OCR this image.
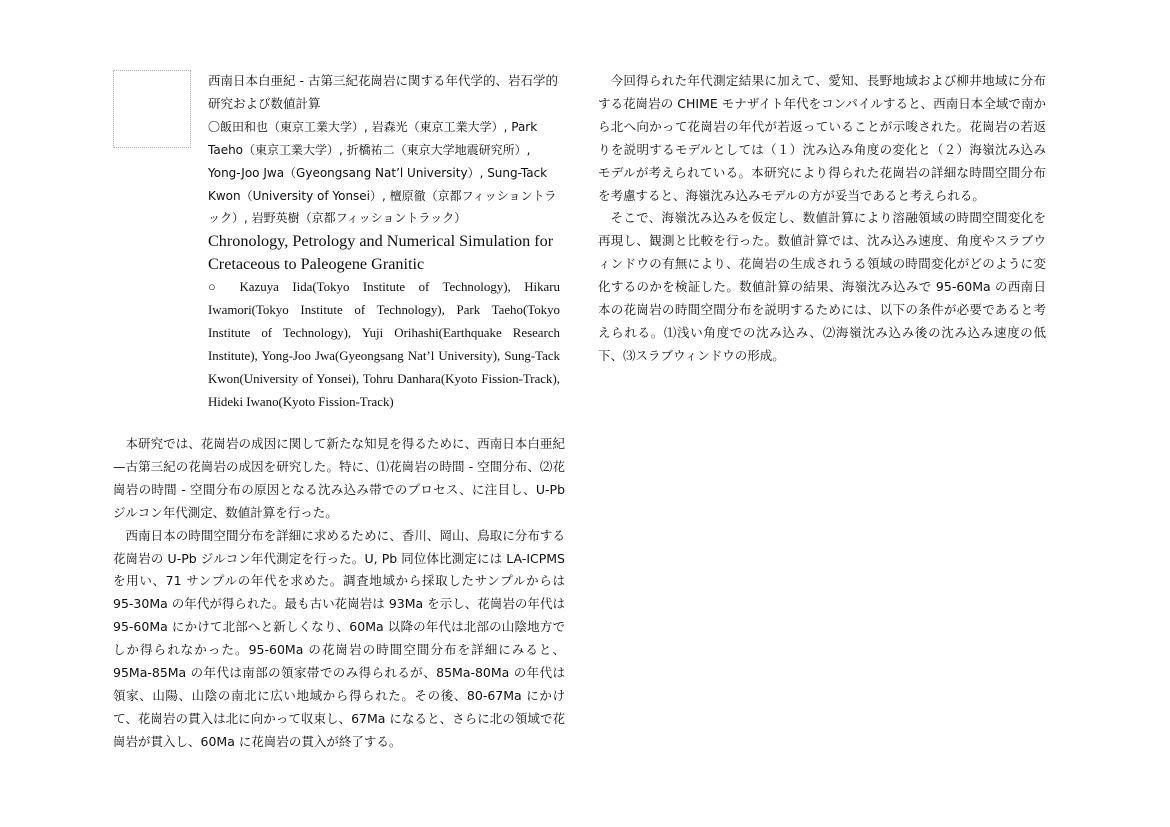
西南日本白亜紀 - 古第三紀花崗岩に関する年代学的、岩石学的研究および数値計算

〇飯田和也（東京工業大学）, 岩森光（東京工業大学）, Park Taeho（東京工業大学）, 折橋祐二（東京大学地震研究所）, Yong-Joo Jwa（Gyeongsang Nat’l University）, Sung-Tack Kwon（University of Yonsei）, 檀原徹（京都フィッショントラック）, 岩野英樹（京都フィッショントラック）

Chronology, Petrology and Numerical Simulation for Cretaceous to Paleogene Granitic

○ Kazuya Iida(Tokyo Institute of Technology), Hikaru Iwamori(Tokyo Institute of Technology), Park Taeho(Tokyo Institute of Technology), Yuji Orihashi(Earthquake Research Institute), Yong-Joo Jwa(Gyeongsang Nat’l University), Sung-Tack Kwon(University of Yonsei), Tohru Danhara(Kyoto Fission-Track), Hideki Iwano(Kyoto Fission-Track)

本研究では、花崗岩の成因に関して新たな知見を得るために、西南日本白亜紀—古第三紀の花崗岩の成因を研究した。特に、⑴花崗岩の時間 - 空間分布、⑵花崗岩の時間 - 空間分布の原因となる沈み込み帯でのプロセス、に注目し、U-Pb ジルコン年代測定、数値計算を行った。

西南日本の時間空間分布を詳細に求めるために、香川、岡山、鳥取に分布する花崗岩の U-Pb ジルコン年代測定を行った。U, Pb 同位体比測定には LA-ICPMS を用い、71 サンプルの年代を求めた。調査地域から採取したサンプルからは 95-30Ma の年代が得られた。最も古い花崗岩は 93Ma を示し、花崗岩の年代は 95-60Ma にかけて北部へと新しくなり、60Ma 以降の年代は北部の山陰地方でしか得られなかった。95-60Ma の花崗岩の時間空間分布を詳細にみると、95Ma-85Ma の年代は南部の領家帯でのみ得られるが、85Ma-80Ma の年代は領家、山陽、山陰の南北に広い地域から得られた。その後、80-67Ma にかけて、花崗岩の貫入は北に向かって収束し、67Ma になると、さらに北の領域で花崗岩が貫入し、60Ma に花崗岩の貫入が終了する。

今回得られた年代測定結果に加えて、愛知、長野地域および柳井地域に分布する花崗岩の CHIME モナザイト年代をコンパイルすると、西南日本全域で南から北へ向かって花崗岩の年代が若返っていることが示唆された。花崗岩の若返りを説明するモデルとしては（１）沈み込み角度の変化と（２）海嶺沈み込みモデルが考えられている。本研究により得られた花崗岩の詳細な時間空間分布を考慮すると、海嶺沈み込みモデルの方が妥当であると考えられる。

そこで、海嶺沈み込みを仮定し、数値計算により溶融領域の時間空間変化を再現し、観測と比較を行った。数値計算では、沈み込み速度、角度やスラブウィンドウの有無により、花崗岩の生成されうる領域の時間変化がどのように変化するのかを検証した。数値計算の結果、海嶺沈み込みで 95-60Ma の西南日本の花崗岩の時間空間分布を説明するためには、以下の条件が必要であると考えられる。⑴浅い角度での沈み込み、⑵海嶺沈み込み後の沈み込み速度の低下、⑶スラブウィンドウの形成。
